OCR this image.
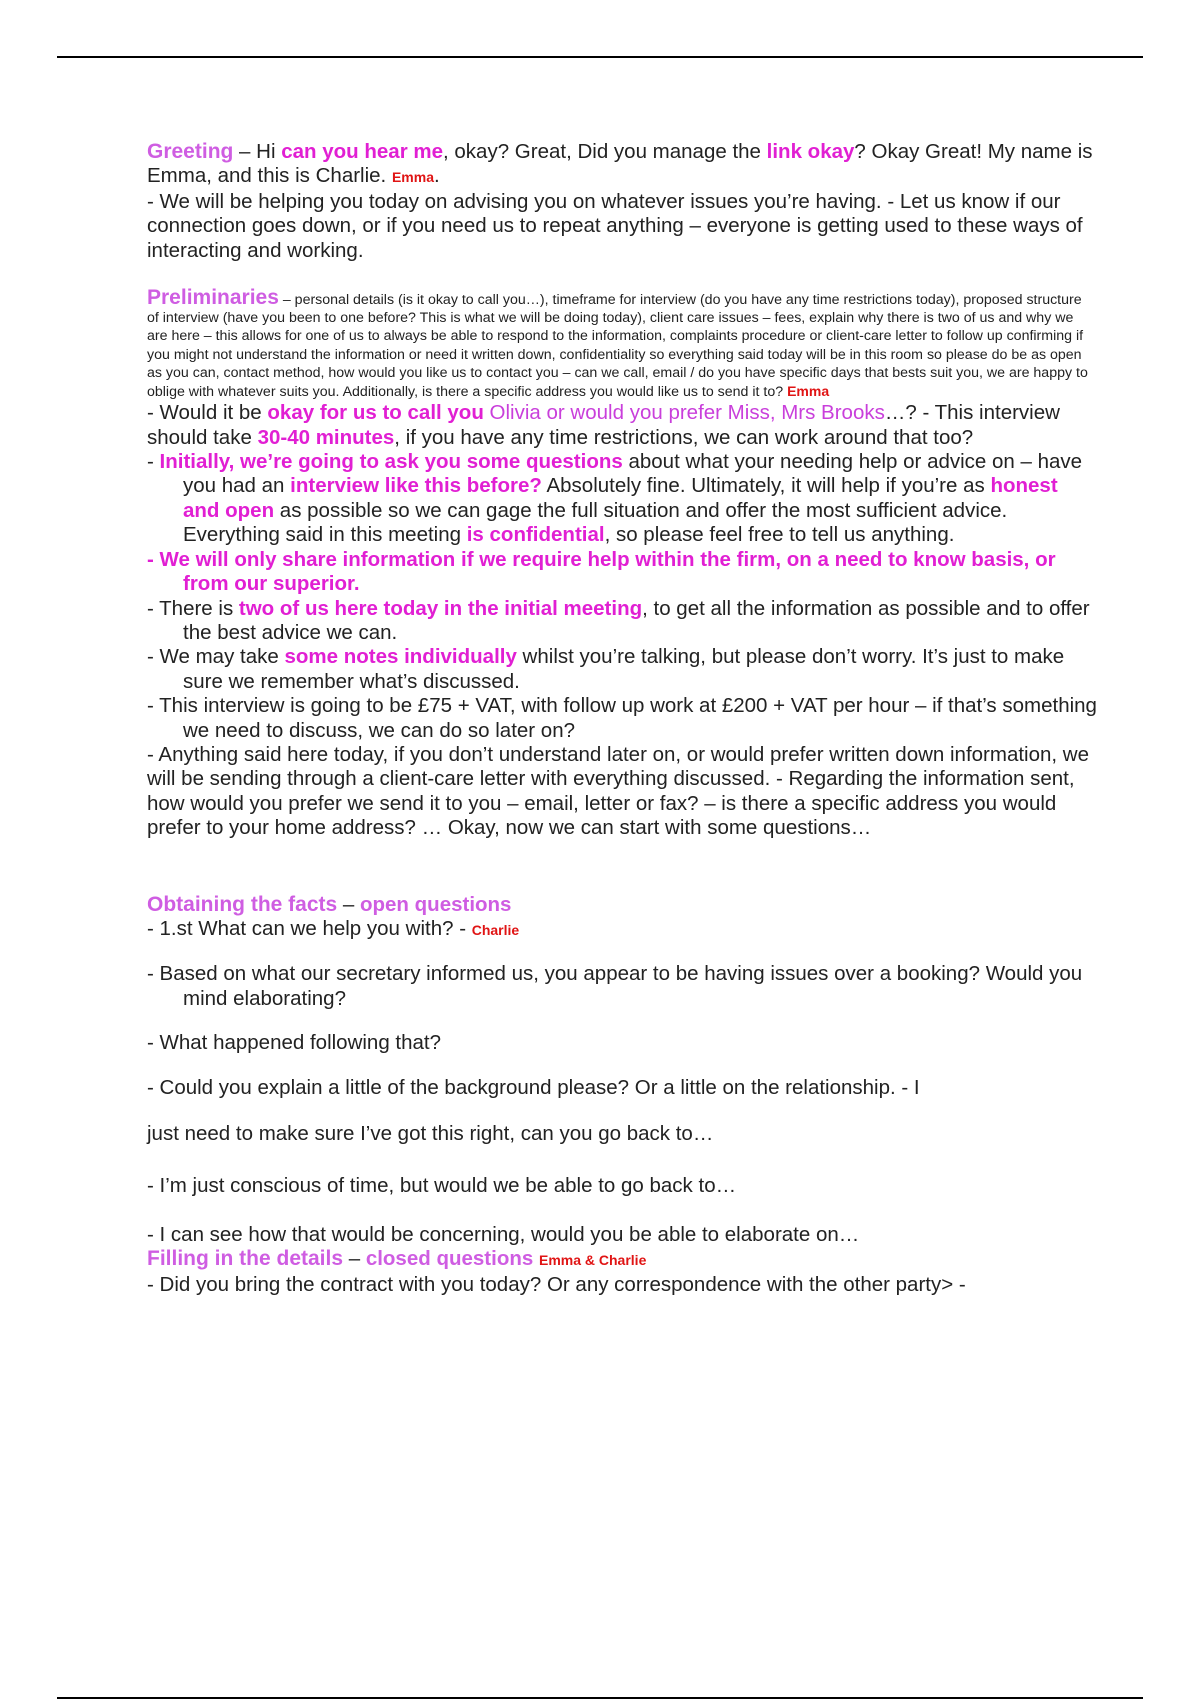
Greeting – Hi can you hear me, okay? Great, Did you manage the link okay? Okay Great! My name is Emma, and this is Charlie. Emma.

- We will be helping you today on advising you on whatever issues you’re having. - Let us know if our connection goes down, or if you need us to repeat anything – everyone is getting used to these ways of interacting and working.

Preliminaries – personal details (is it okay to call you…), timeframe for interview (do you have any time restrictions today), proposed structure of interview (have you been to one before? This is what we will be doing today), client care issues – fees, explain why there is two of us and why we are here – this allows for one of us to always be able to respond to the information, complaints procedure or client-care letter to follow up confirming if you might not understand the information or need it written down, confidentiality so everything said today will be in this room so please do be as open as you can, contact method, how would you like us to contact you – can we call, email / do you have specific days that bests suit you, we are happy to oblige with whatever suits you. Additionally, is there a specific address you would like us to send it to? Emma

- Would it be okay for us to call you Olivia or would you prefer Miss, Mrs Brooks…? - This interview should take 30-40 minutes, if you have any time restrictions, we can work around that too?

- Initially, we’re going to ask you some questions about what your needing help or advice on – have you had an interview like this before? Absolutely fine. Ultimately, it will help if you’re as honest and open as possible so we can gage the full situation and offer the most sufficient advice. Everything said in this meeting is confidential, so please feel free to tell us anything.

- We will only share information if we require help within the firm, on a need to know basis, or from our superior.

- There is two of us here today in the initial meeting, to get all the information as possible and to offer the best advice we can.

- We may take some notes individually whilst you’re talking, but please don’t worry. It’s just to make sure we remember what’s discussed.

- This interview is going to be £75 + VAT, with follow up work at £200 + VAT per hour – if that’s something we need to discuss, we can do so later on?

- Anything said here today, if you don’t understand later on, or would prefer written down information, we will be sending through a client-care letter with everything discussed. - Regarding the information sent, how would you prefer we send it to you – email, letter or fax? – is there a specific address you would prefer to your home address? … Okay, now we can start with some questions…

Obtaining the facts – open questions

- 1.st What can we help you with? - Charlie

- Based on what our secretary informed us, you appear to be having issues over a booking? Would you mind elaborating?

- What happened following that?

- Could you explain a little of the background please? Or a little on the relationship. - I

just need to make sure I’ve got this right, can you go back to…

- I’m just conscious of time, but would we be able to go back to…

- I can see how that would be concerning, would you be able to elaborate on…

Filling in the details – closed questions Emma & Charlie

- Did you bring the contract with you today? Or any correspondence with the other party> -
